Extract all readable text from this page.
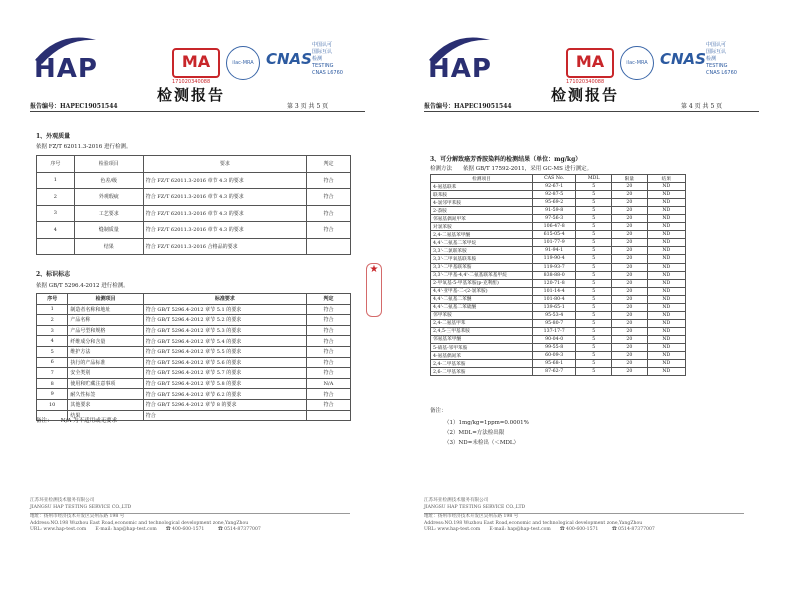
HAP	MA
171020340088
ilac-MRA CNAS
中国认可
国际互认
检测
TESTING
CNAS L6760
检测报告
报告编号：HAPEC19051544	第 3 页 共 5 页
1、外观质量
依据 FZ/T 62011.3-2016 进行检测。
序号	检验项目	要求	判定
1	色差/级	符合 FZ/T 62011.3-2016 章节 4.3 的要求	符合
2	外观瑕疵	符合 FZ/T 62011.3-2016 章节 4.3 的要求	符合
3	工艺要求	符合 FZ/T 62011.3-2016 章节 4.3 的要求	符合
4	缝制质量	符合 FZ/T 62011.3-2016 章节 4.3 的要求	符合
	结果	符合 FZ/T 62011.3-2016 合格品的要求	
2、标识标志
依据 GB/T 5296.4-2012 进行检测。
序号	检测项目	标准要求	判定
1	制造者名称和地址	符合 GB/T 5296.4-2012 章节 5.1 的要求	符合
2	产品名称	符合 GB/T 5296.4-2012 章节 5.2 的要求	符合
3	产品号型和规格	符合 GB/T 5296.4-2012 章节 5.3 的要求	符合
4	纤维成分和含量	符合 GB/T 5296.4-2012 章节 5.4 的要求	符合
5	维护方法	符合 GB/T 5296.4-2012 章节 5.5 的要求	符合
6	执行的产品标准	符合 GB/T 5296.4-2012 章节 5.6 的要求	符合
7	安全类别	符合 GB/T 5296.4-2012 章节 5.7 的要求	符合
8	使用和贮藏注意事项	符合 GB/T 5296.4-2012 章节 5.8 的要求	N/A
9	耐久性标签	符合 GB/T 5296.4-2012 章节 6.2 的要求	符合
10	其他要求	符合 GB/T 5296.4-2012 章节 8 的要求	符合
	结果	符合	
备注：　　N/A 为不适用或无要求
江苏环亚检测技术服务有限公司
JIANGSU HAP TESTING SERVICE CO.,LTD
地址：扬州市经济技术开发区吴州东路 198 号
Address:NO.198 Wuzhou East Road,economic and technological development zone,YangZhou
URL: www.hap-test.com　　E-mail: hap@hap-test.com　　☎ 400-600-1571　　　☎ 0514-87377007
★
HAP	MA
171020340088
ilac-MRA CNAS
中国认可
国际互认
检测
TESTING
CNAS L6760
检测报告
报告编号：HAPEC19051544	第 4 页 共 5 页
3、可分解致癌芳香胺染料的检测结果（单位：mg/kg）
检测方法　　依据 GB/T 17592-2011，采用 GC-MS 进行测定。
检测项目	CAS No.	MDL	限量	结果
4-氨基联苯	92-67-1	5	20	ND
联苯胺	92-87-5	5	20	ND
4-氯邻甲苯胺	95-69-2	5	20	ND
2-萘胺	91-59-8	5	20	ND
邻氨基偶氮甲苯	97-56-3	5	20	ND
对氯苯胺	106-47-8	5	20	ND
2,4-二氨基苯甲醚	615-05-4	5	20	ND
4,4'-二氨基二苯甲烷	101-77-9	5	20	ND
3,3'-二氯联苯胺	91-94-1	5	20	ND
3,3'-二甲氧基联苯胺	119-90-4	5	20	ND
3,3'-二甲基联苯胺	119-93-7	5	20	ND
3,3'-二甲基-4,4'-二氨基联苯基甲烷	838-88-0	5	20	ND
2-甲氧基-5-甲基苯胺(p-克利酊)	120-71-8	5	20	ND
4,4'-亚甲基-二-(2-氯苯胺)	101-14-4	5	20	ND
4,4'-二氨基二苯醚	101-80-4	5	20	ND
4,4'-二氨基二苯硫醚	139-65-1	5	20	ND
邻甲苯胺	95-53-4	5	20	ND
2,4-二氨基甲苯	95-80-7	5	20	ND
2,4,5-三甲基苯胺	137-17-7	5	20	ND
邻氨基苯甲醚	90-04-0	5	20	ND
5-硝基-邻甲苯胺	99-55-8	5	20	ND
4-氨基偶氮苯	60-09-3	5	20	ND
2,4-二甲基苯胺	95-68-1	5	20	ND
2,6-二甲基苯胺	87-62-7	5	20	ND
备注：
（1）1mg/kg=1ppm=0.0001%
（2）MDL=方法检出限
（3）ND=未检出（＜MDL）
江苏环亚检测技术服务有限公司
JIANGSU HAP TESTING SERVICE CO.,LTD
地址：扬州市经济技术开发区吴州东路 198 号
Address:NO.198 Wuzhou East Road,economic and technological development zone,YangZhou
URL: www.hap-test.com　　E-mail: hap@hap-test.com　　☎ 400-600-1571　　　☎ 0514-87377007
